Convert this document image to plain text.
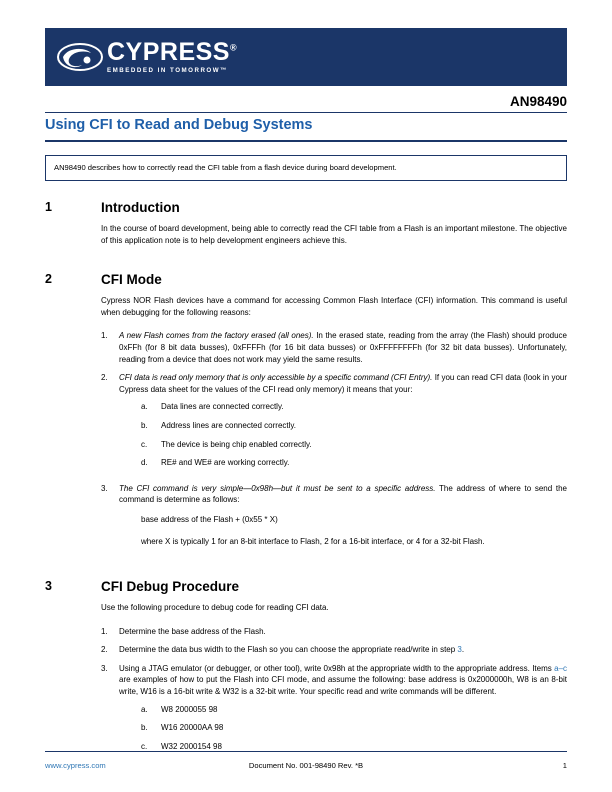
CYPRESS®
EMBEDDED IN TOMORROW™
AN98490
Using CFI to Read and Debug Systems
AN98490 describes how to correctly read the CFI table from a flash device during board development.
1	Introduction
In the course of board development, being able to correctly read the CFI table from a Flash is an important milestone. The objective of this application note is to help development engineers achieve this.
2	CFI Mode
Cypress NOR Flash devices have a command for accessing Common Flash Interface (CFI) information. This command is useful when debugging for the following reasons:
1.	A new Flash comes from the factory erased (all ones). In the erased state, reading from the array (the Flash) should produce 0xFFh (for 8 bit data busses), 0xFFFFh (for 16 bit data busses) or 0xFFFFFFFFh (for 32 bit data busses). Unfortunately, reading from a device that does not work may yield the same results.
2.	CFI data is read only memory that is only accessible by a specific command (CFI Entry). If you can read CFI data (look in your Cypress data sheet for the values of the CFI read only memory) it means that your:
a.	Data lines are connected correctly.
b.	Address lines are connected correctly.
c.	The device is being chip enabled correctly.
d.	RE# and WE# are working correctly.
3.	The CFI command is very simple—0x98h—but it must be sent to a specific address. The address of where to send the command is determine as follows:
base address of the Flash + (0x55 * X)
where X is typically 1 for an 8-bit interface to Flash, 2 for a 16-bit interface, or 4 for a 32-bit Flash.
3	CFI Debug Procedure
Use the following procedure to debug code for reading CFI data.
1.	Determine the base address of the Flash.
2.	Determine the data bus width to the Flash so you can choose the appropriate read/write in step 3.
3.	Using a JTAG emulator (or debugger, or other tool), write 0x98h at the appropriate width to the appropriate address. Items a–c are examples of how to put the Flash into CFI mode, and assume the following: base address is 0x2000000h, W8 is an 8-bit write, W16 is a 16-bit write & W32 is a 32-bit write. Your specific read and write commands will be different.
a.	W8 2000055 98
b.	W16 20000AA 98
c.	W32 2000154 98
www.cypress.com	Document No. 001-98490 Rev. *B	1
